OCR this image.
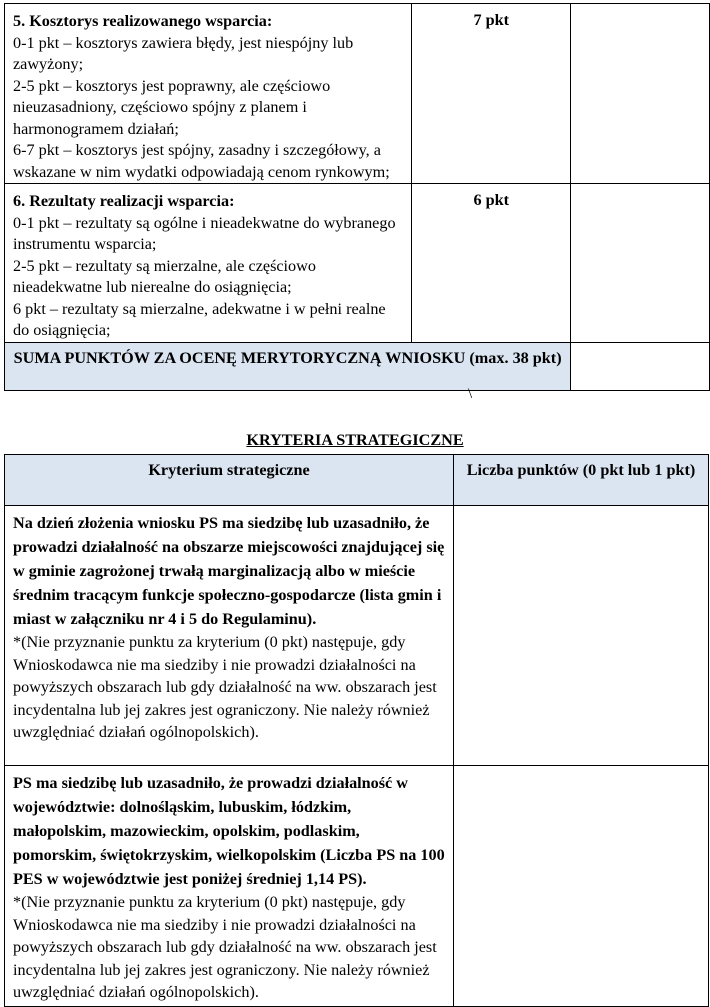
5. Kosztorys realizowanego wsparcia:
0-1 pkt – kosztorys zawiera błędy, jest niespójny lub zawyżony;
2-5 pkt – kosztorys jest poprawny, ale częściowo nieuzasadniony, częściowo spójny z planem i harmonogramem działań;
6-7 pkt – kosztorys jest spójny, zasadny i szczegółowy, a wskazane w nim wydatki odpowiadają cenom rynkowym;	7 pkt	

6. Rezultaty realizacji wsparcia:
0-1 pkt – rezultaty są ogólne i nieadekwatne do wybranego instrumentu wsparcia;
2-5 pkt – rezultaty są mierzalne, ale częściowo nieadekwatne lub nierealne do osiągnięcia;
6 pkt – rezultaty są mierzalne, adekwatne i w pełni realne do osiągnięcia;	6 pkt	
SUMA PUNKTÓW ZA OCENĘ MERYTORYCZNĄ WNIOSKU (max. 38 pkt)		
\
KRYTERIA STRATEGICZNE
Kryterium strategiczne	Liczba punktów (0 pkt lub 1 pkt)

Na dzień złożenia wniosku PS ma siedzibę lub uzasadniło, że prowadzi działalność na obszarze miejscowości znajdującej się w gminie zagrożonej trwałą marginalizacją albo w mieście średnim tracącym funkcje społeczno-gospodarcze (lista gmin i miast w załączniku nr 4 i 5 do Regulaminu).
*(Nie przyznanie punktu za kryterium (0 pkt) następuje, gdy Wnioskodawca nie ma siedziby i nie prowadzi działalności na powyższych obszarach lub gdy działalność na ww. obszarach jest incydentalna lub jej zakres jest ograniczony. Nie należy również uwzględniać działań ogólnopolskich).	

PS ma siedzibę lub uzasadniło, że prowadzi działalność w województwie: dolnośląskim, lubuskim, łódzkim, małopolskim, mazowieckim, opolskim, podlaskim, pomorskim, świętokrzyskim, wielkopolskim (Liczba PS na 100 PES w województwie jest poniżej średniej 1,14 PS).
*(Nie przyznanie punktu za kryterium (0 pkt) następuje, gdy Wnioskodawca nie ma siedziby i nie prowadzi działalności na powyższych obszarach lub gdy działalność na ww. obszarach jest incydentalna lub jej zakres jest ograniczony. Nie należy również uwzględniać działań ogólnopolskich).	
